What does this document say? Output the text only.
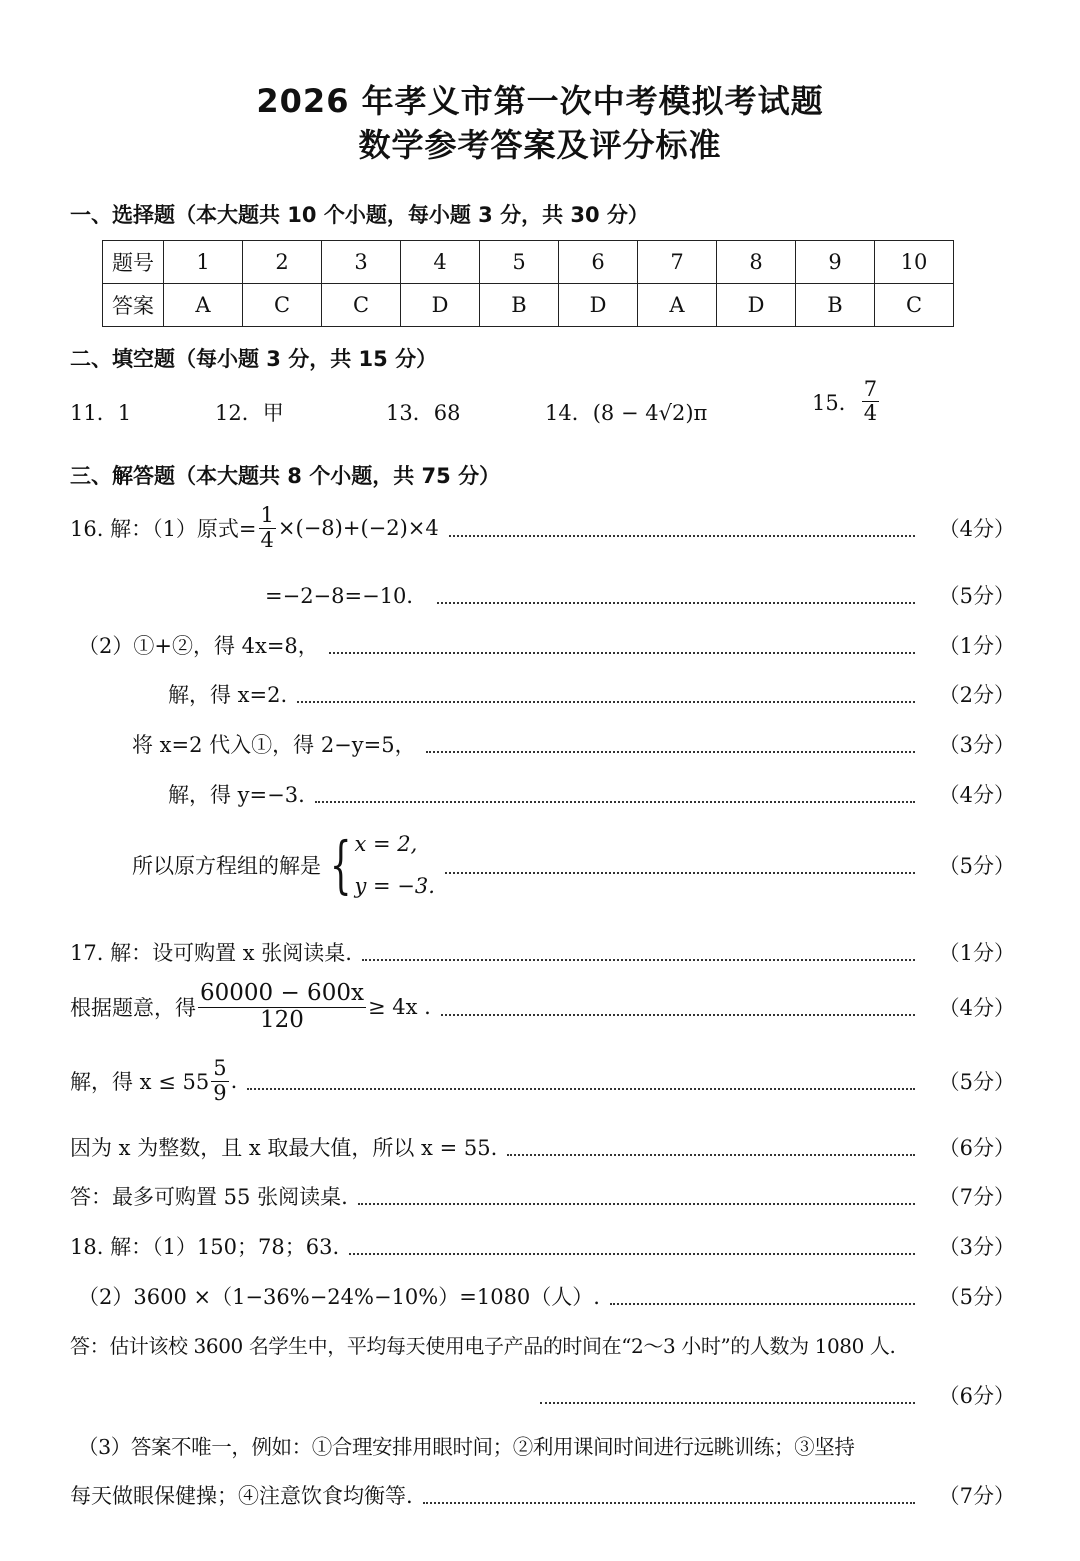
2026 年孝义市第一次中考模拟考试题
数学参考答案及评分标准
一、选择题（本大题共 10 个小题，每小题 3 分，共 30 分）
题号	1	2	3	4	5	6	7	8	9	10
答案	A	C	C	D	B	D	A	D	B	C
二、填空题（每小题 3 分，共 15 分）
11．1	12．甲	13．68	14．(8 − 4√2)π	15． $\frac{7}{4}$
三、解答题（本大题共 8 个小题，共 75 分）
16. 解：（1）原式= $\frac{1}{4} \times(-8)+(-2)\times 4$	（4分）
=−2−8=−10．	（5分）
（2）①+②，得 4x=8，	（1分）
解，得 x=2.	（2分）
将 x=2 代入①，得 2−y=5，	（3分）
解，得 y=−3.	（4分）
所以原方程组的解是 { x = 2,
y = −3.
（5分）
17. 解：设可购置 x 张阅读桌.	（1分）
根据题意，得 $\frac{60000 - 600x}{120} \ge 4x$ .	（4分）
解，得 $x \le 55 \frac{5}{9}$ .	（5分）
因为 x 为整数，且 x 取最大值，所以 x = 55.	（6分）
答：最多可购置 55 张阅读桌.	（7分）
18. 解：（1）150；78；63.	（3分）
（2）3600 ×（1−36%−24%−10%）=1080（人）.	（5分）
答：估计该校 3600 名学生中，平均每天使用电子产品的时间在“2～3 小时”的人数为 1080 人.
（6分）
（3）答案不唯一，例如：①合理安排用眼时间；②利用课间时间进行远眺训练；③坚持
每天做眼保健操；④注意饮食均衡等.	（7分）
